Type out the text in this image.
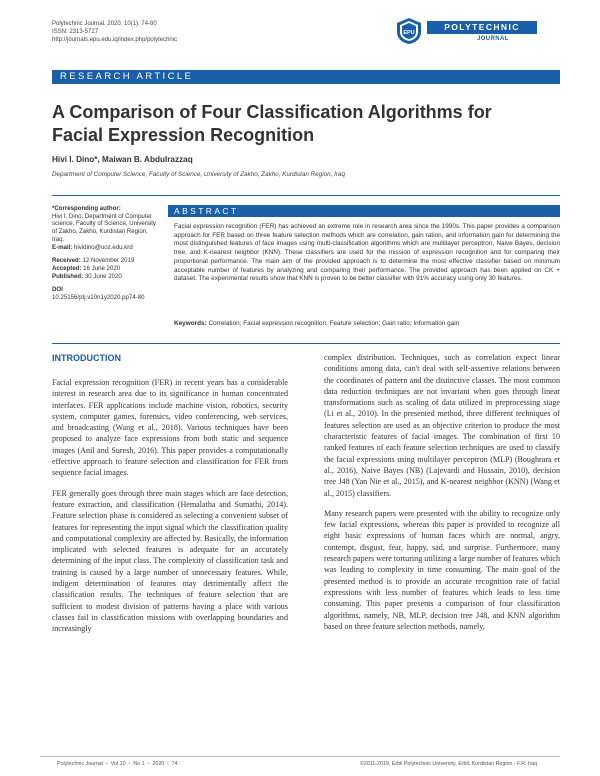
Polytechnic Journal. 2020. 10(1): 74-80
ISSN: 2313-5727
http://journals.epu.edu.iq/index.php/polytechnic
EPU
POLYTECHNIC
JOURNAL
RESEARCH ARTICLE
A Comparison of Four Classification Algorithms for Facial Expression Recognition
Hivi I. Dino*, Maiwan B. Abdulrazzaq
Department of Computer Science, Faculty of Science, University of Zakho, Zakho, Kurdistan Region, Iraq
*Corresponding author:
Hivi I. Dino, Department of Computer science, Faculty of Science, University of Zakho, Zakho, Kurdistan Region, Iraq.
E-mail: hividino@uoz.edu.krd
Received: 12 November 2019
Accepted: 16 June 2020
Published: 30 June 2020
DOI
10.25156/ptj.v10n1y2020.pp74-80
ABSTRACT
Facial expression recognition (FER) has achieved an extreme role in research area since the 1990s. This paper provides a comparison approach for FER based on three feature selection methods which are correlation, gain ration, and information gain for determining the most distinguished features of face images using multi-classification algorithms which are multilayer perceptron, Naive Bayes, decision tree, and K-nearest neighbor (KNN). These classifiers are used for the mission of expression recognition and for comparing their proportional performance. The main aim of the provided approach is to determine the most effective classifier based on minimum acceptable number of features by analyzing and comparing their performance. The provided approach has been applied on CK + dataset. The experimental results show that KNN is proven to be better classifier with 91% accuracy using only 30 features.
Keywords: Correlation; Facial expression recognition; Feature selection; Gain ratio; Information gain
INTRODUCTION

Facial expression recognition (FER) in recent years has a considerable interest in research area due to its significance in human concentrated interfaces. FER applications include machine vision, robotics, security system, computer games, forensics, video conferencing, web services, and broadcasting (Wang et al., 2018). Various techniques have been proposed to analyze face expressions from both static and sequence images (Anil and Suresh, 2016). This paper provides a computationally effective approach to feature selection and classification for FER from sequence facial images.

FER generally goes through three main stages which are face detection, feature extraction, and classification (Hemalatha and Sumathi, 2014). Feature selection phase is considered as selecting a convenient subset of features for representing the input signal which the classification quality and computational complexity are affected by. Basically, the information implicated with selected features is adequate for an accurately determining of the input class. The complexity of classification task and training is caused by a large number of unnecessary features. While, indigent determination of features may detrimentally affect the classification results. The techniques of feature selection that are sufficient to modest division of patterns having a place with various classes fail in classification missions with overlapping boundaries and increasingly

complex distribution. Techniques, such as correlation expect linear conditions among data, can't deal with self-assertive relations between the coordinates of pattern and the distinctive classes. The most common data reduction techniques are not invariant when goes through linear transformations such as scaling of data utilized in preprocessing stage (Li et al., 2010). In the presented method, three different techniques of features selection are used as an objective criterion to produce the most characteristic features of facial images. The combination of first 10 ranked features of each feature selection techniques are used to classify the facial expressions using multilayer perceptron (MLP) (Boughrara et al., 2016), Naive Bayes (NB) (Lajevardi and Hussain, 2010), decision tree J48 (Yan Nie et al., 2015), and K-nearest neighbor (KNN) (Wang et al., 2015) classifiers.

Many research papers were presented with the ability to recognize only few facial expressions, whereas this paper is provided to recognize all eight basic expressions of human faces which are normal, angry, contempt, disgust, fear, happy, sad, and surprise. Furthermore, many research papers were torturing utilizing a large number of features which was leading to complexity in time consuming. The main goal of the presented method is to provide an accurate recognition rate of facial expressions with less number of features which leads to less time consuming. This paper presents a comparison of four classification algorithms, namely, NB, MLP, decision tree J48, and KNN algorithm based on three feature selection methods, namely,

Polytechnic Journal • Vol 10 • No 1 • 2020 | 74	©2011-2019, Erbil Polytechnic University, Erbil, Kurdistan Region - F.R. Iraq
